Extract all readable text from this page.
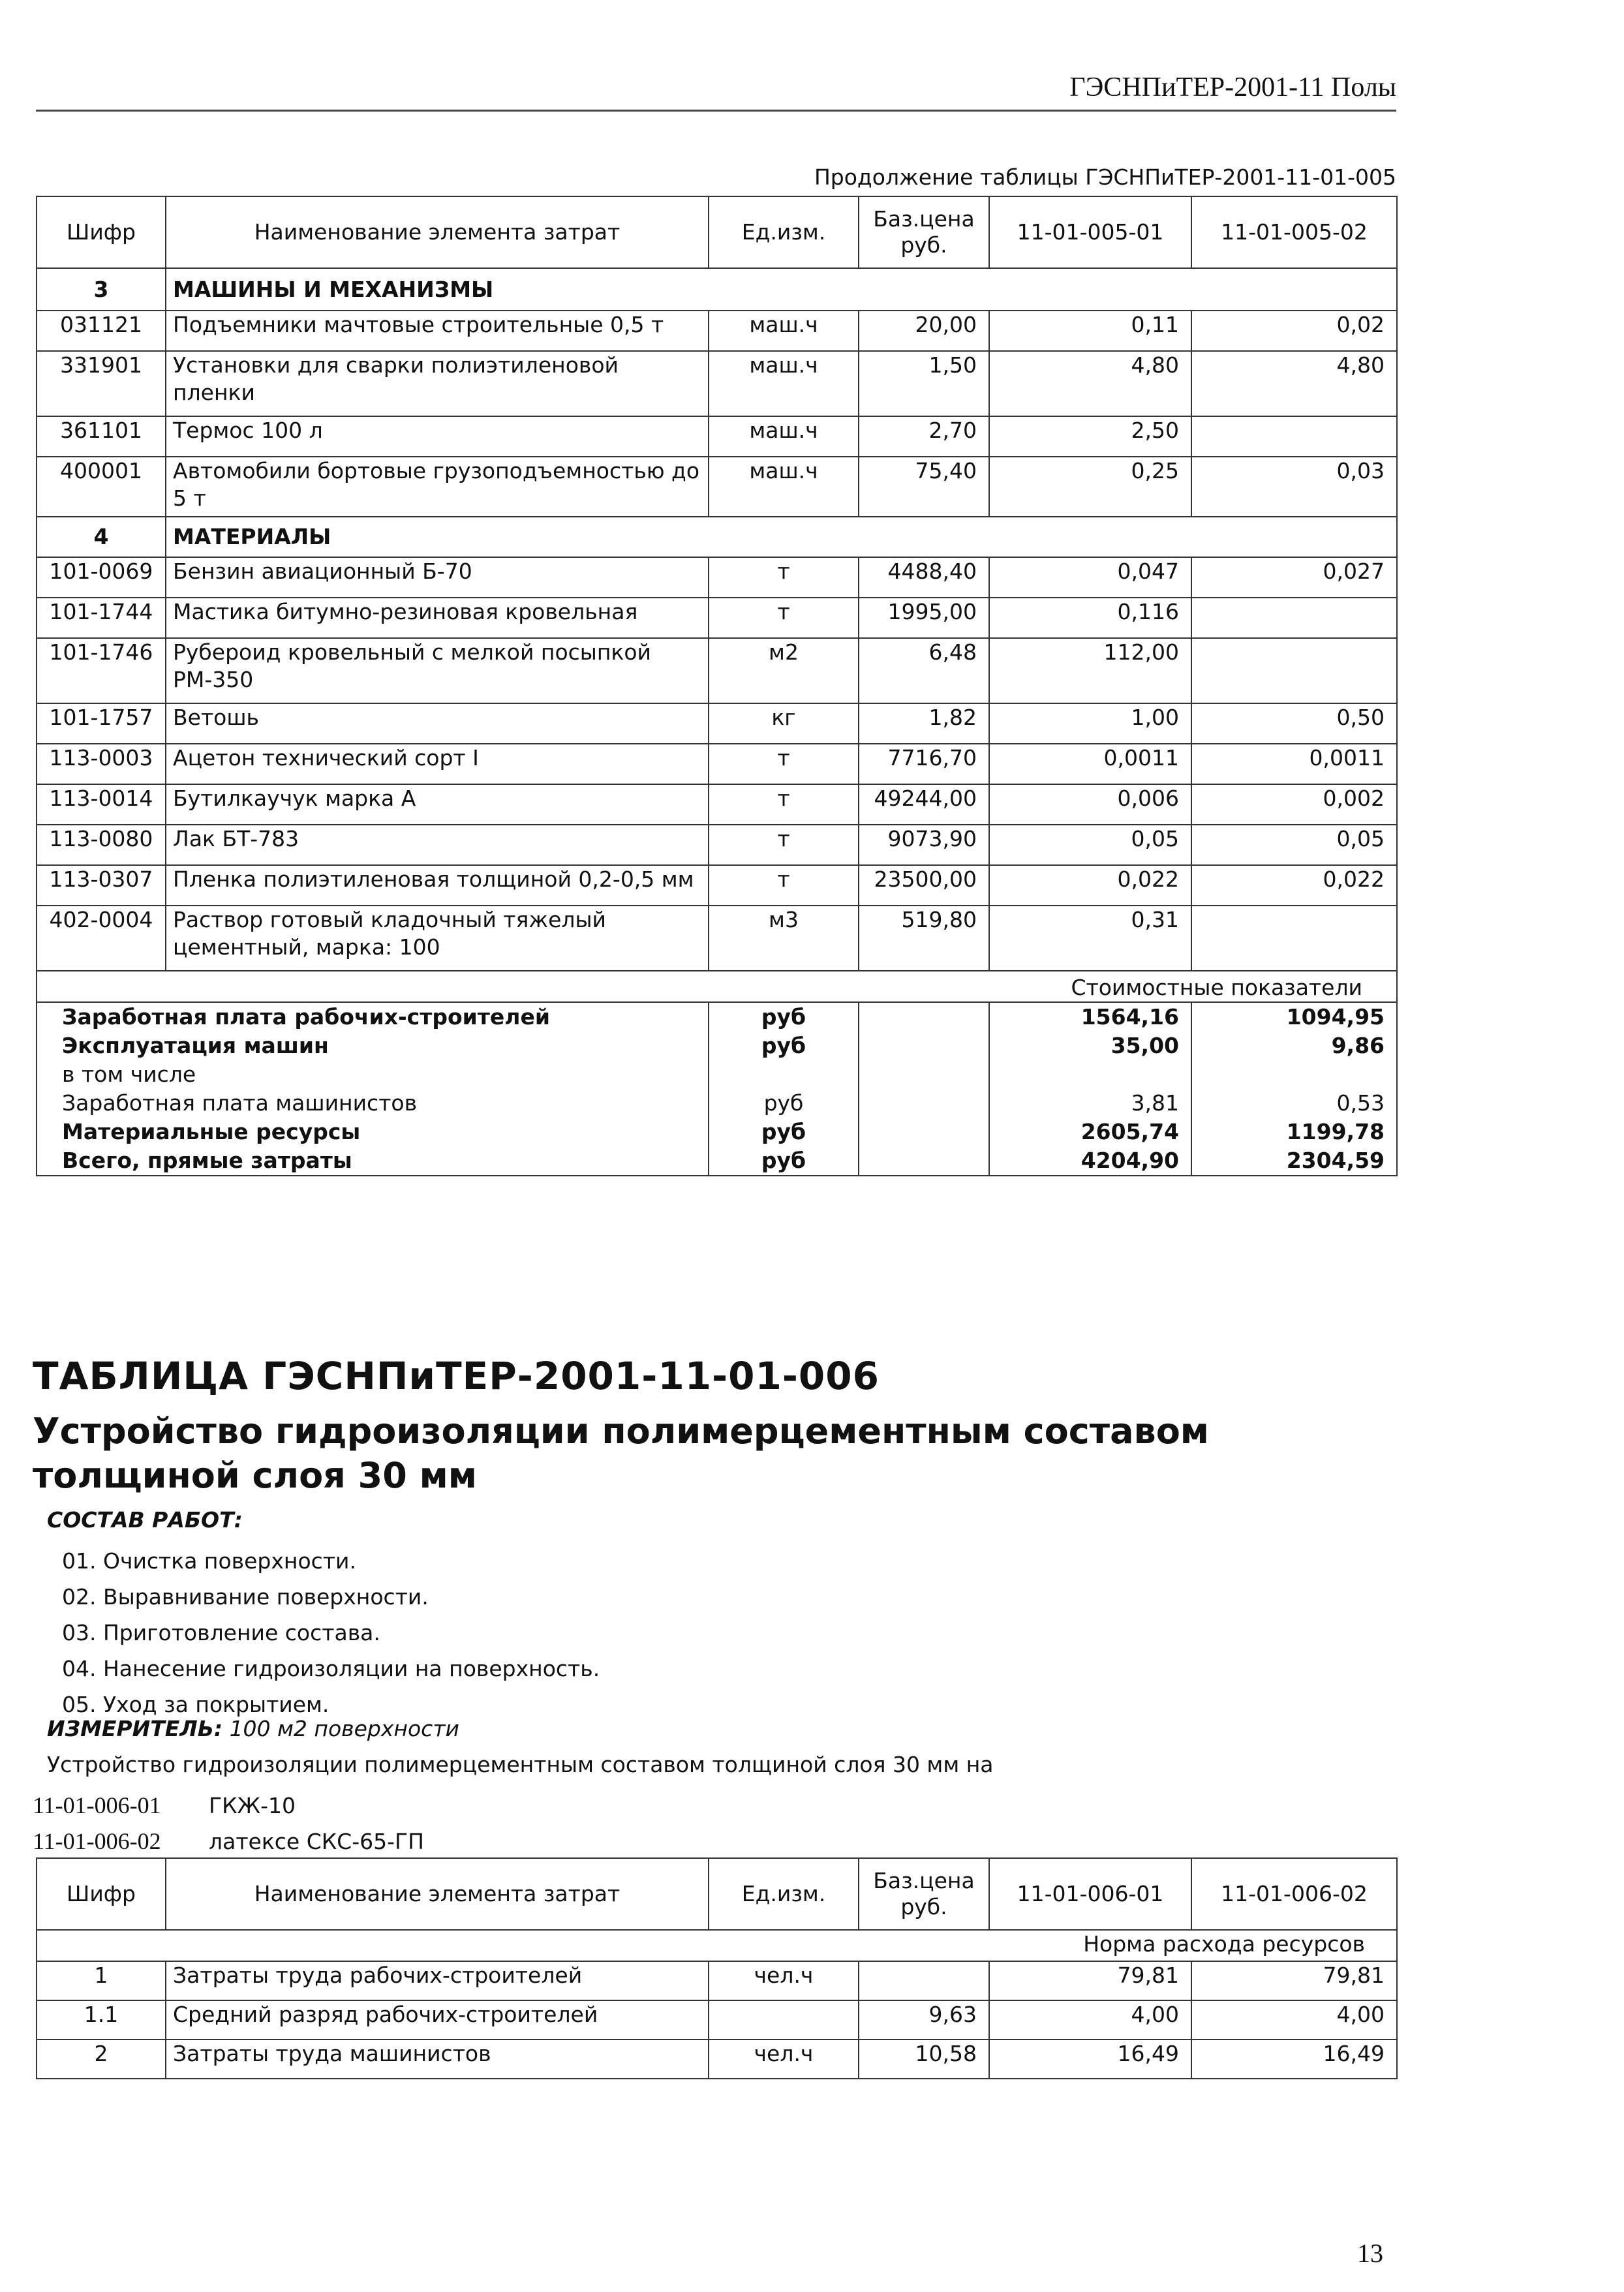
ГЭСНПиТЕР-2001-11 Полы
Продолжение таблицы ГЭСНПиТЕР-2001-11-01-005
Шифр	Наименование элемента затрат	Ед.изм.	Баз.цена руб.	11-01-005-01	11-01-005-02
3	МАШИНЫ И МЕХАНИЗМЫ				
031121	Подъемники мачтовые строительные 0,5 т	маш.ч	20,00	0,11	0,02
331901	Установки для сварки полиэтиленовой пленки	маш.ч	1,50	4,80	4,80
361101	Термос 100 л	маш.ч	2,70	2,50	
400001	Автомобили бортовые грузоподъемностью до 5 т	маш.ч	75,40	0,25	0,03
4	МАТЕРИАЛЫ				
101-0069	Бензин авиационный Б-70	т	4488,40	0,047	0,027
101-1744	Мастика битумно-резиновая кровельная	т	1995,00	0,116	
101-1746	Рубероид кровельный с мелкой посыпкой РМ-350	м2	6,48	112,00	
101-1757	Ветошь	кг	1,82	1,00	0,50
113-0003	Ацетон технический сорт I	т	7716,70	0,0011	0,0011
113-0014	Бутилкаучук марка А	т	49244,00	0,006	0,002
113-0080	Лак БТ-783	т	9073,90	0,05	0,05
113-0307	Пленка полиэтиленовая толщиной 0,2-0,5 мм	т	23500,00	0,022	0,022
402-0004	Раствор готовый кладочный тяжелый цементный, марка: 100	м3	519,80	0,31	
Стоимостные показатели					
Заработная плата рабочих-строителей		руб		1564,16	1094,95
Эксплуатация машин		руб		35,00	9,86
в том числе					
Заработная плата машинистов		руб		3,81	0,53
Материальные ресурсы		руб		2605,74	1199,78
Всего, прямые затраты		руб		4204,90	2304,59
ТАБЛИЦА ГЭСНПиТЕР-2001-11-01-006
Устройство гидроизоляции полимерцементным составом толщиной слоя 30 мм
СОСТАВ РАБОТ:
01. Очистка поверхности.
02. Выравнивание поверхности.
03. Приготовление состава.
04. Нанесение гидроизоляции на поверхность.
05. Уход за покрытием.
ИЗМЕРИТЕЛЬ: 100 м2 поверхности
Устройство гидроизоляции полимерцементным составом толщиной слоя 30 мм на
11-01-006-01 ГКЖ-10
11-01-006-02 латексе СКС-65-ГП
Шифр	Наименование элемента затрат	Ед.изм.	Баз.цена руб.	11-01-006-01	11-01-006-02
Норма расхода ресурсов					
1	Затраты труда рабочих-строителей	чел.ч		79,81	79,81
1.1	Средний разряд рабочих-строителей		9,63	4,00	4,00
2	Затраты труда машинистов	чел.ч	10,58	16,49	16,49
13
